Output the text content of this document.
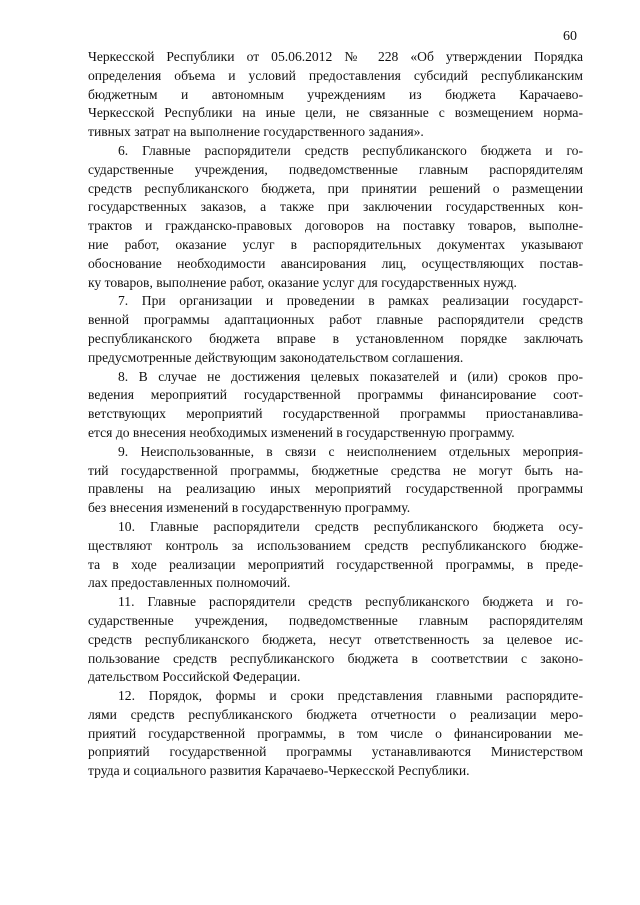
60
Черкесской Республики от 05.06.2012 № 228 «Об утверждении Порядка
определения объема и условий предоставления субсидий республиканским
бюджетным и автономным учреждениям из бюджета Карачаево-
Черкесской Республики на иные цели, не связанные с возмещением норма-
тивных затрат на выполнение государственного задания».
6. Главные распорядители средств республиканского бюджета и го-
сударственные учреждения, подведомственные главным распорядителям
средств республиканского бюджета, при принятии решений о размещении
государственных заказов, а также при заключении государственных кон-
трактов и гражданско-правовых договоров на поставку товаров, выполне-
ние работ, оказание услуг в распорядительных документах указывают
обоснование необходимости авансирования лиц, осуществляющих постав-
ку товаров, выполнение работ, оказание услуг для государственных нужд.
7. При организации и проведении в рамках реализации государст-
венной программы адаптационных работ главные распорядители средств
республиканского бюджета вправе в установленном порядке заключать
предусмотренные действующим законодательством соглашения.
8. В случае не достижения целевых показателей и (или) сроков про-
ведения мероприятий государственной программы финансирование соот-
ветствующих мероприятий государственной программы приостанавлива-
ется до внесения необходимых изменений в государственную программу.
9. Неиспользованные, в связи с неисполнением отдельных мероприя-
тий государственной программы, бюджетные средства не могут быть на-
правлены на реализацию иных мероприятий государственной программы
без внесения изменений в государственную программу.
10. Главные распорядители средств республиканского бюджета осу-
ществляют контроль за использованием средств республиканского бюдже-
та в ходе реализации мероприятий государственной программы, в преде-
лах предоставленных полномочий.
11. Главные распорядители средств республиканского бюджета и го-
сударственные учреждения, подведомственные главным распорядителям
средств республиканского бюджета, несут ответственность за целевое ис-
пользование средств республиканского бюджета в соответствии с законо-
дательством Российской Федерации.
12. Порядок, формы и сроки представления главными распорядите-
лями средств республиканского бюджета отчетности о реализации меро-
приятий государственной программы, в том числе о финансировании ме-
роприятий государственной программы устанавливаются Министерством
труда и социального развития Карачаево-Черкесской Республики.
